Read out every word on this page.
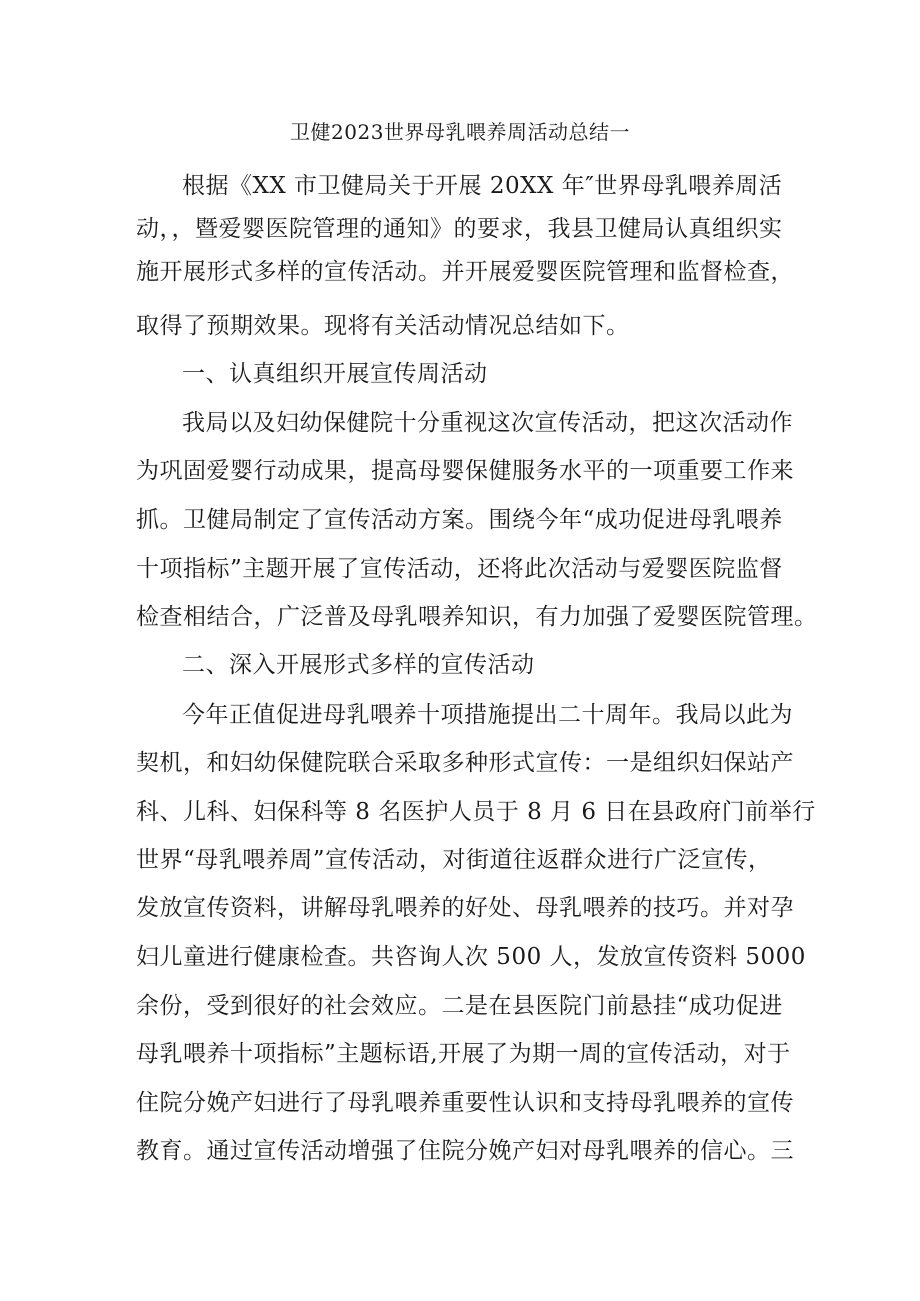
卫健2023世界母乳喂养周活动总结一
根据《XX 市卫健局关于开展 20XX 年″世界母乳喂养周活
动，，暨爱婴医院管理的通知》的要求，我县卫健局认真组织实
施开展形式多样的宣传活动。并开展爱婴医院管理和监督检查，
取得了预期效果。现将有关活动情况总结如下。
一、认真组织开展宣传周活动
我局以及妇幼保健院十分重视这次宣传活动，把这次活动作
为巩固爱婴行动成果，提高母婴保健服务水平的一项重要工作来
抓。卫健局制定了宣传活动方案。围绕今年“成功促进母乳喂养
十项指标”主题开展了宣传活动，还将此次活动与爱婴医院监督
检查相结合，广泛普及母乳喂养知识，有力加强了爱婴医院管理。
二、深入开展形式多样的宣传活动
今年正值促进母乳喂养十项措施提出二十周年。我局以此为
契机，和妇幼保健院联合采取多种形式宣传：一是组织妇保站产
科、儿科、妇保科等 8 名医护人员于 8 月 6 日在县政府门前举行
世界“母乳喂养周”宣传活动，对街道往返群众进行广泛宣传，
发放宣传资料，讲解母乳喂养的好处、母乳喂养的技巧。并对孕
妇儿童进行健康检查。共咨询人次 500 人，发放宣传资料 5000
余份，受到很好的社会效应。二是在县医院门前悬挂“成功促进
母乳喂养十项指标”主题标语,开展了为期一周的宣传活动，对于
住院分娩产妇进行了母乳喂养重要性认识和支持母乳喂养的宣传
教育。通过宣传活动增强了住院分娩产妇对母乳喂养的信心。三
